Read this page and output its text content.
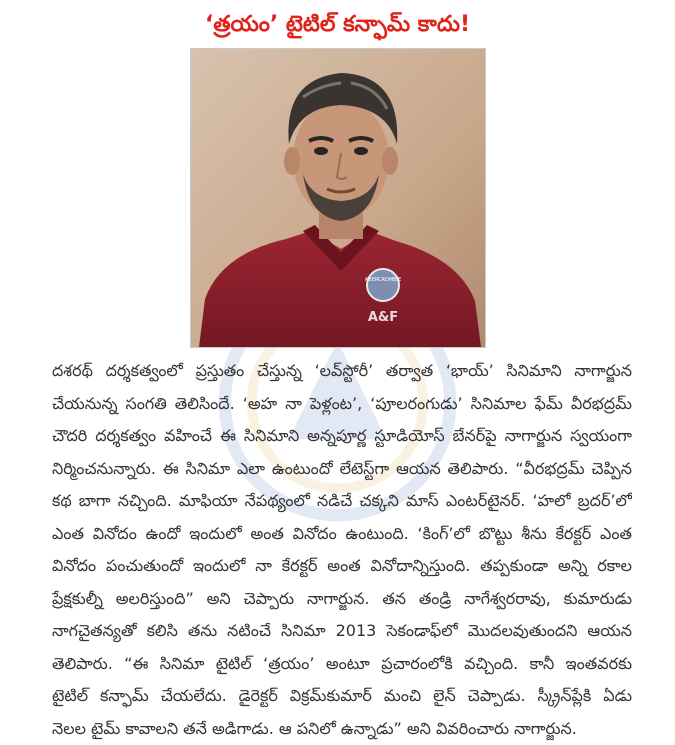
‘త్రయం’ టైటిల్ కన్ఫామ్ కాదు!
ABERCROMBIE
A&F
దశరథ్ దర్శకత్వంలో ప్రస్తుతం చేస్తున్న ‘లవ్‌స్టోరీ’ తర్వాత ‘భాయ్’ సినిమాని నాగార్జున
చేయనున్న సంగతి తెలిసిందే. ‘అహ నా పెళ్లంట’, ‘పూలరంగుడు’ సినిమాల ఫేమ్ వీరభద్రమ్
చౌదరి దర్శకత్వం వహించే ఈ సినిమాని అన్నపూర్ణ స్టూడియోస్ బేనర్‌పై నాగార్జున స్వయంగా
నిర్మించనున్నారు. ఈ సినిమా ఎలా ఉంటుందో లేటెస్ట్‌గా ఆయన తెలిపారు. “వీరభద్రమ్ చెప్పిన
కథ బాగా నచ్చింది. మాఫియా నేపథ్యంలో నడిచే చక్కని మాస్ ఎంటర్‌టైనర్. ‘హలో బ్రదర్’లో
ఎంత వినోదం ఉందో ఇందులో అంత వినోదం ఉంటుంది. ‘కింగ్’లో బొట్టు శీను కేరక్టర్ ఎంత
వినోదం పంచుతుందో ఇందులో నా కేరక్టర్ అంత వినోదాన్నిస్తుంది. తప్పకుండా అన్ని రకాల
ప్రేక్షకుల్నీ అలరిస్తుంది” అని చెప్పారు నాగార్జున. తన తండ్రి నాగేశ్వరరావు, కుమారుడు
నాగచైతన్యతో కలిసి తను నటించే సినిమా 2013 సెకండాఫ్‌లో మొదలవుతుందని ఆయన
తెలిపారు. “ఈ సినిమా టైటిల్ ‘త్రయం’ అంటూ ప్రచారంలోకి వచ్చింది. కానీ ఇంతవరకు
టైటిల్ కన్ఫామ్ చేయలేదు. డైరెక్టర్ విక్రమ్‌కుమార్ మంచి లైన్ చెప్పాడు. స్క్రీన్‌ప్లేకి ఏడు
నెలల టైమ్ కావాలని తనే అడిగాడు. ఆ పనిలో ఉన్నాడు” అని వివరించారు నాగార్జున.
